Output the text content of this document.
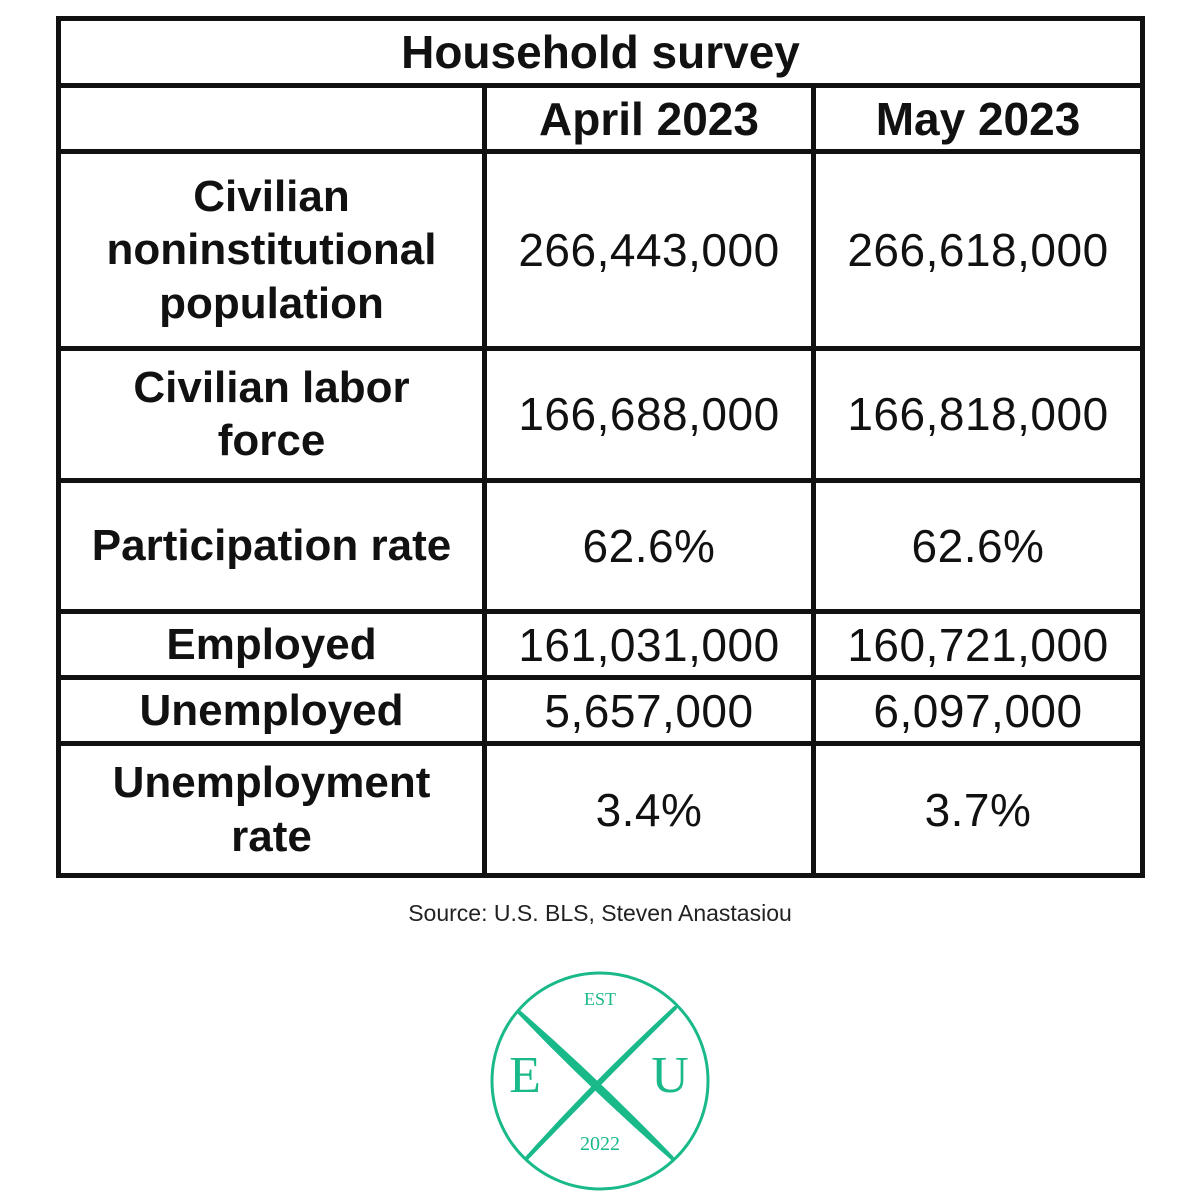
Household survey		
	April 2023	May 2023
Civilian noninstitutional population	266,443,000	266,618,000
Civilian labor force	166,688,000	166,818,000
Participation rate	62.6%	62.6%
Employed	161,031,000	160,721,000
Unemployed	5,657,000	6,097,000
Unemployment rate	3.4%	3.7%
Source: U.S. BLS, Steven Anastasiou
EST
E U
2022
